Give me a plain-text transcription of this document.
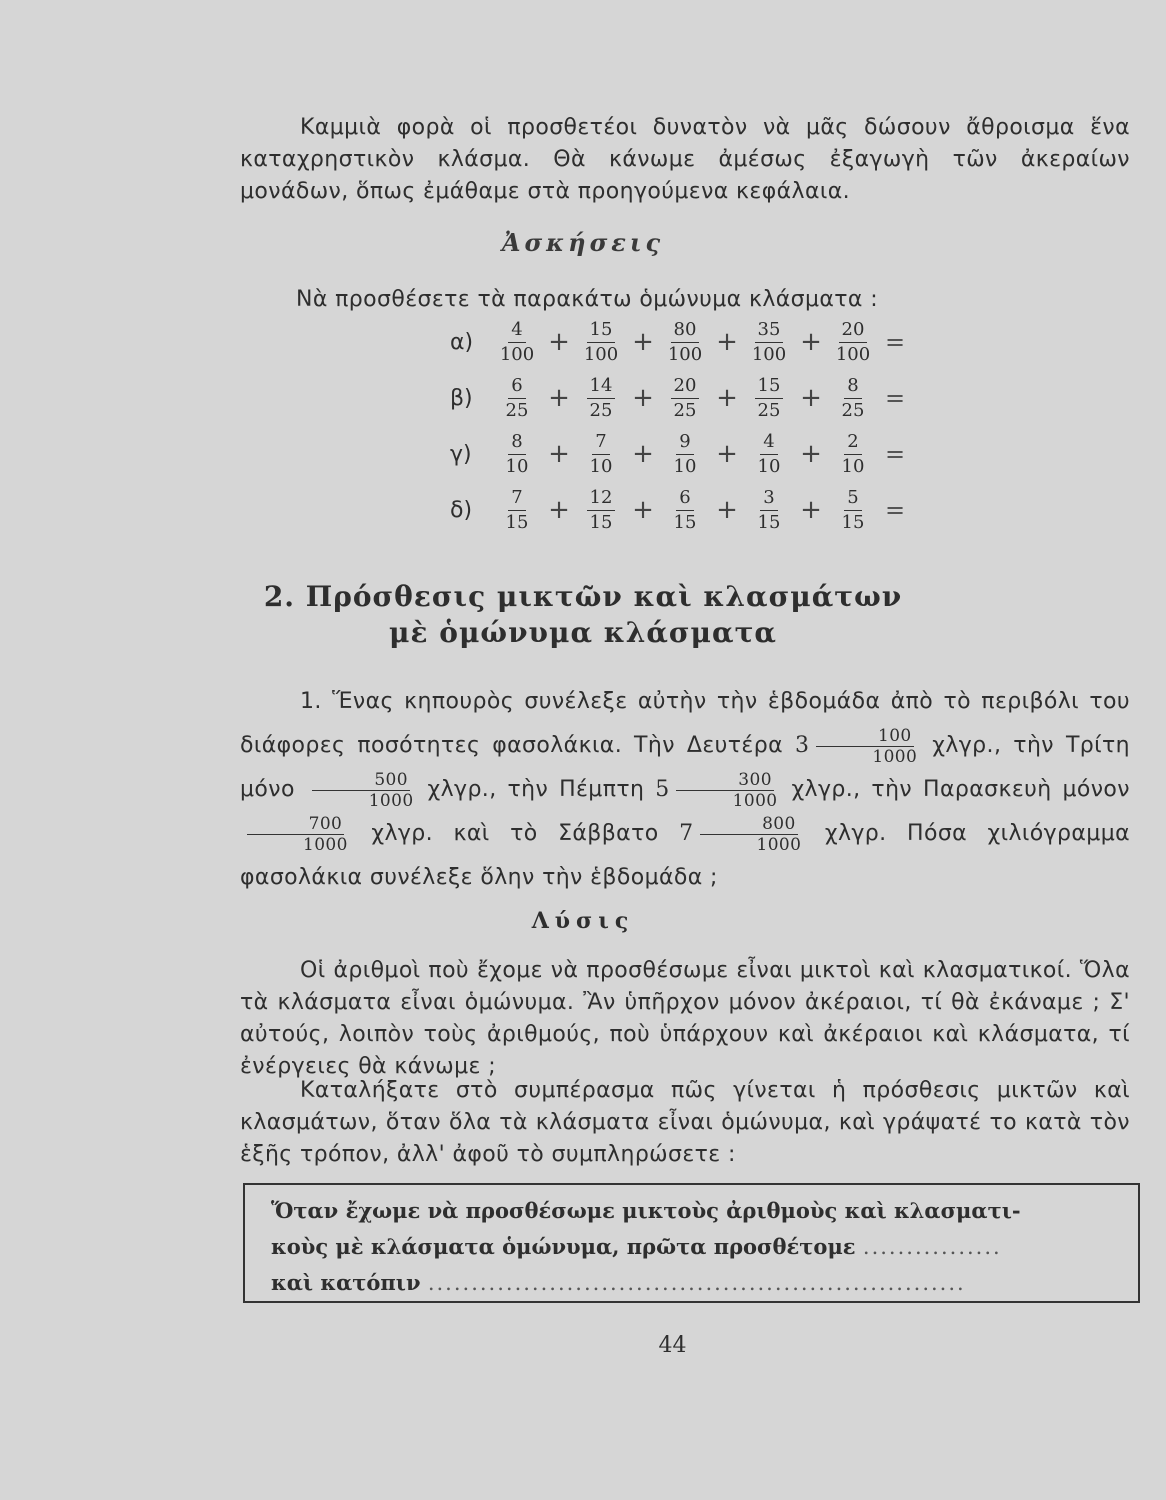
Καμμιὰ φορὰ οἱ προσθετέοι δυνατὸν νὰ μᾶς δώσουν ἄθροισμα ἕνα καταχρηστικὸν κλάσμα. Θὰ κάνωμε ἀμέσως ἐξαγωγὴ τῶν ἀκεραίων μονάδων, ὅπως ἐμάθαμε στὰ προηγούμενα κεφάλαια.
Ἀσκήσεις
Νὰ προσθέσετε τὰ παρακάτω ὁμώνυμα κλάσματα :
$\alpha) \frac{4}{100} + \frac{15}{100} + \frac{80}{100} + \frac{35}{100} + \frac{20}{100}$ =
$\beta) \frac{6}{25} + \frac{14}{25} + \frac{20}{25} + \frac{15}{25} + \frac{8}{25}$ =
γ)	$\frac{8}{10} + \frac{7}{10} + \frac{9}{10} + \frac{4}{10} + \frac{2}{10}$ =
$\delta) \frac{7}{15} + \frac{12}{15} + \frac{6}{15} + \frac{3}{15} + \frac{5}{15}$ =
2. Πρόσθεσις μικτῶν καὶ κλασμάτων
μὲ ὁμώνυμα κλάσματα
1. Ἕνας κηπουρὸς συνέλεξε αὐτὴν τὴν ἑβδομάδα ἀπὸ τὸ περιβόλι του διάφορες ποσότητες φασολάκια. Τὴν Δευτέρα $3 \frac{100}{1000} \chi\lambda\gamma\rho$., τὴν Τρίτη μόνο $\frac{500}{1000} \chi\lambda\gamma\rho$., τὴν Πέμπτη $5 \frac{300}{1000} \chi\lambda\gamma\rho$., τὴν Παρασκευὴ μόνον
$\frac{700}{1000} \chi\lambda\gamma\rho$. καὶ τὸ Σάββατο $7 \frac{800}{1000} \chi\lambda\gamma\rho$. Πόσα χιλιόγραμμα φασολάκια συνέλεξε ὅλην τὴν ἑβδομάδα ;
Λύσις
Οἱ ἀριθμοὶ ποὺ ἔχομε νὰ προσθέσωμε εἶναι μικτοὶ καὶ κλασματικοί. Ὅλα τὰ κλάσματα εἶναι ὁμώνυμα. Ἂν ὑπῆρχον μόνον ἀκέραιοι, τί θὰ ἐκάναμε ; Σ' αὐτούς, λοιπὸν τοὺς ἀριθμούς, ποὺ ὑπάρχουν καὶ ἀκέραιοι καὶ κλάσματα, τί ἐνέργειες θὰ κάνωμε ;
Καταλήξατε στὸ συμπέρασμα πῶς γίνεται ἡ πρόσθεσις μικτῶν καὶ κλασμάτων, ὅταν ὅλα τὰ κλάσματα εἶναι ὁμώνυμα, καὶ γράψατέ το κατὰ τὸν ἑξῆς τρόπον, ἀλλ' ἀφοῦ τὸ συμπληρώσετε :
Ὅταν ἔχωμε νὰ προσθέσωμε μικτοὺς ἀριθμοὺς καὶ κλασματι-
κοὺς μὲ κλάσματα ὁμώνυμα, πρῶτα προσθέτομε ................
καὶ κατόπιν ..............................................................
44
